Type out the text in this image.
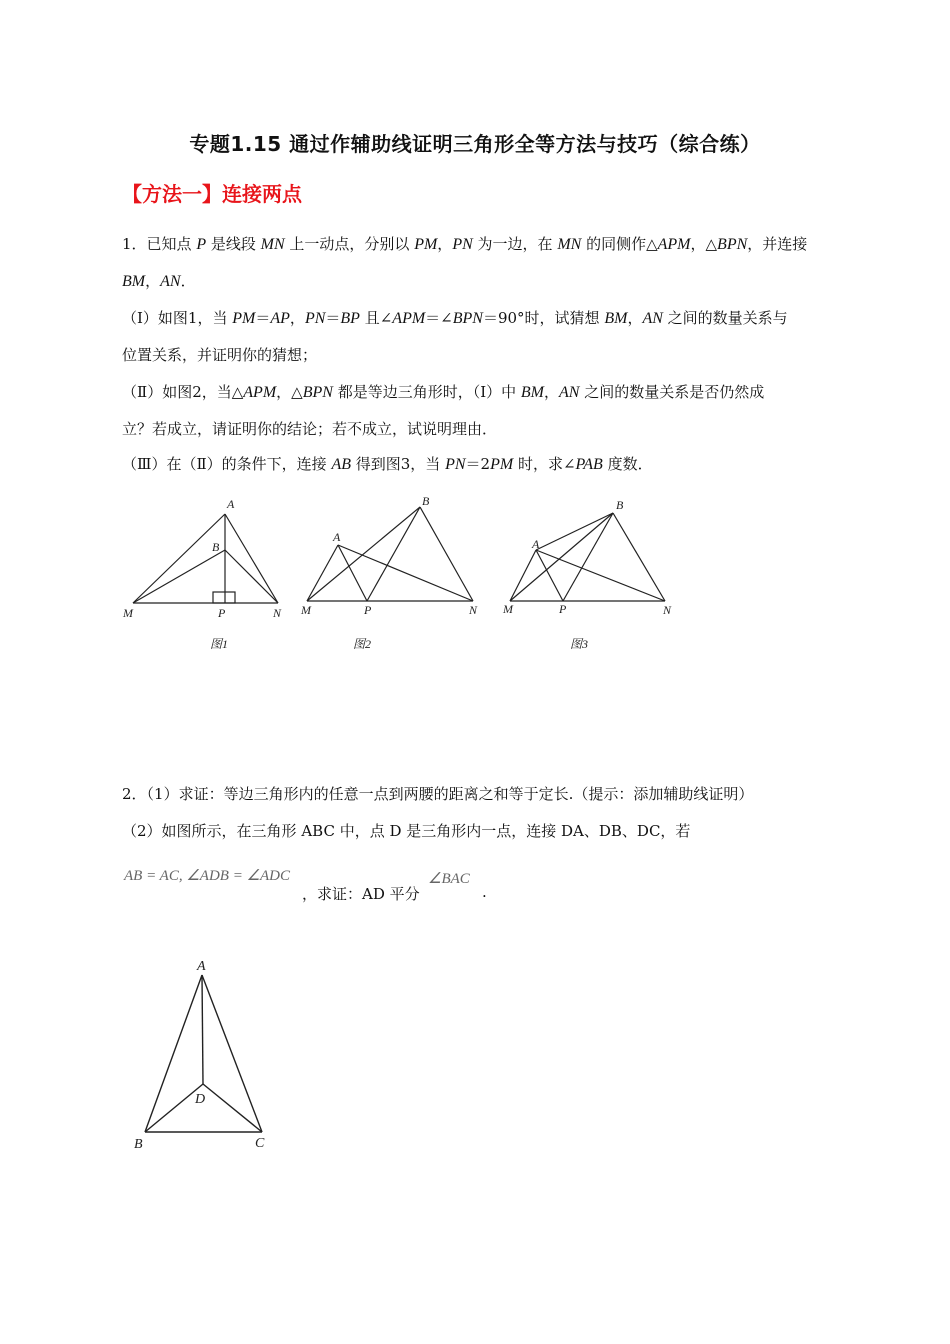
专题1.15 通过作辅助线证明三角形全等方法与技巧（综合练）
【方法一】连接两点
1．已知点 P 是线段 MN 上一动点，分别以 PM，PN 为一边，在 MN 的同侧作△APM，△BPN，并连接
BM，AN．
（Ⅰ）如图1，当 PM＝AP，PN＝BP 且∠APM＝∠BPN＝90°时，试猜想 BM，AN 之间的数量关系与
位置关系，并证明你的猜想；
（Ⅱ）如图2，当△APM，△BPN 都是等边三角形时，（Ⅰ）中 BM，AN 之间的数量关系是否仍然成
立？若成立，请证明你的结论；若不成立，试说明理由．
（Ⅲ）在（Ⅱ）的条件下，连接 AB 得到图3，当 PN＝2PM 时，求∠PAB 度数．
A
B
M	P	N
图1
A
B
M	P	N
图2
A
B
M	P	N
图3
2．（1）求证：等边三角形内的任意一点到两腰的距离之和等于定长.（提示：添加辅助线证明）
（2）如图所示，在三角形 ABC 中，点 D 是三角形内一点，连接 DA、DB、DC，若
AB = AC, ∠ADB = ∠ADC
，求证：AD 平分
∠BAC
.
A
D
B	C
